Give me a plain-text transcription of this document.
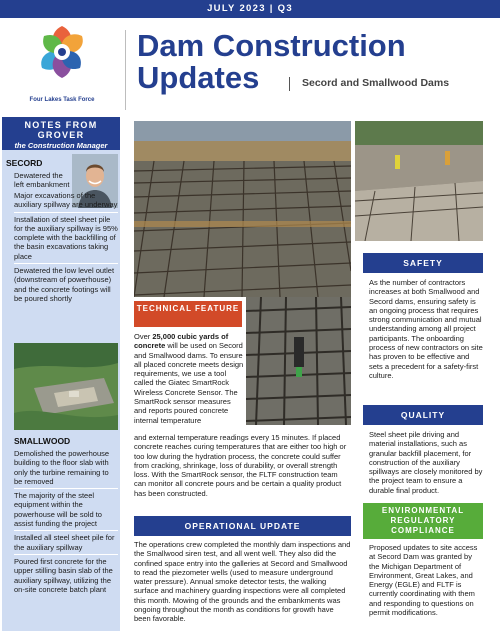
JULY 2023 | Q3
Four Lakes Task Force
Dam Construction
Updates	Secord and Smallwood Dams
NOTES FROM GROVER
the Construction Manager
SECORD
Dewatered the left embankment
Major excavations of the auxiliary spillway are underway
Installation of steel sheet pile for the auxiliary spillway is 95% complete with the backfilling of the basin excavations taking place
Dewatered the low level outlet (downstream of powerhouse) and the concrete footings will be poured shortly
SMALLWOOD
Demolished the powerhouse building to the floor slab with only the turbine remaining to be removed
The majority of the steel equipment within the powerhouse will be sold to assist funding the project
Installed all steel sheet pile for the auxiliary spillway
Poured first concrete for the upper stilling basin slab of the auxiliary spillway, utilizing the on-site concrete batch plant
TECHNICAL FEATURE
Over 25,000 cubic yards of concrete will be used on Secord and Smallwood dams. To ensure all placed concrete meets design requirements, we use a tool called the Giatec SmartRock Wireless Concrete Sensor. The SmartRock sensor measures and reports poured concrete internal temperature
and external temperature readings every 15 minutes. If placed concrete reaches curing temperatures that are either too high or too low during the hydration process, the concrete could suffer from cracking, shrinkage, loss of durability, or overall strength loss. With the SmartRock sensor, the FLTF construction team can monitor all concrete pours and be certain a quality product has been constructed.
OPERATIONAL UPDATE
The operations crew completed the monthly dam inspections and the Smallwood siren test, and all went well. They also did the confined space entry into the galleries at Secord and Smallwood to read the piezometer wells (used to measure underground water pressure). Annual smoke detector tests, the walking surface and machinery guarding inspections were all completed this month. Mowing of the grounds and the embankments was ongoing throughout the month as conditions for growth have been favorable.
SAFETY
As the number of contractors increases at both Smallwood and Secord dams, ensuring safety is an ongoing process that requires strong communication and mutual understanding among all project participants. The onboarding process of new contractors on site has proven to be effective and sets a precedent for a safety-first culture.
QUALITY
Steel sheet pile driving and material installations, such as granular backfill placement, for construction of the auxiliary spillways are closely monitored by the project team to ensure a durable final product.
ENVIRONMENTAL
REGULATORY
COMPLIANCE
Proposed updates to site access at Secord Dam was granted by the Michigan Department of Environment, Great Lakes, and Energy (EGLE) and FLTF is currently coordinating with them and responding to questions on permit modifications.
